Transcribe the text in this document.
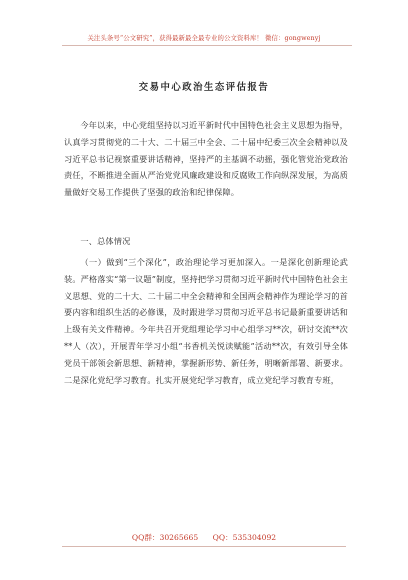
关注头条号“公文研究”，获得最新最全最专业的公文资料库！ 微信：gongwenyj
交易中心政治生态评估报告

今年以来，中心党组坚持以习近平新时代中国特色社会主义思想为指导，认真学习贯彻党的二十大、二十届三中全会、二十届中纪委三次全会精神以及习近平总书记视察重要讲话精神，坚持严的主基调不动摇，强化管党治党政治责任，不断推进全面从严治党党风廉政建设和反腐败工作向纵深发展，为高质量做好交易工作提供了坚强的政治和纪律保障。

一、总体情况

（一）做到“三个深化”，政治理论学习更加深入。一是深化创新理论武装。严格落实“第一议题”制度，坚持把学习贯彻习近平新时代中国特色社会主义思想、党的二十大、二十届二中全会精神和全国两会精神作为理论学习的首要内容和组织生活的必修课，及时跟进学习贯彻习近平总书记最新重要讲话和上级有关文件精神。今年共召开党组理论学习中心组学习**次，研讨交流**次**人（次），开展青年学习小组“书香机关悦读赋能”活动**次，有效引导全体党员干部领会新思想、新精神，掌握新形势、新任务，明晰新部署、新要求。二是深化党纪学习教育。扎实开展党纪学习教育，成立党纪学习教育专班，

QQ群：30265665 QQ：535304092
